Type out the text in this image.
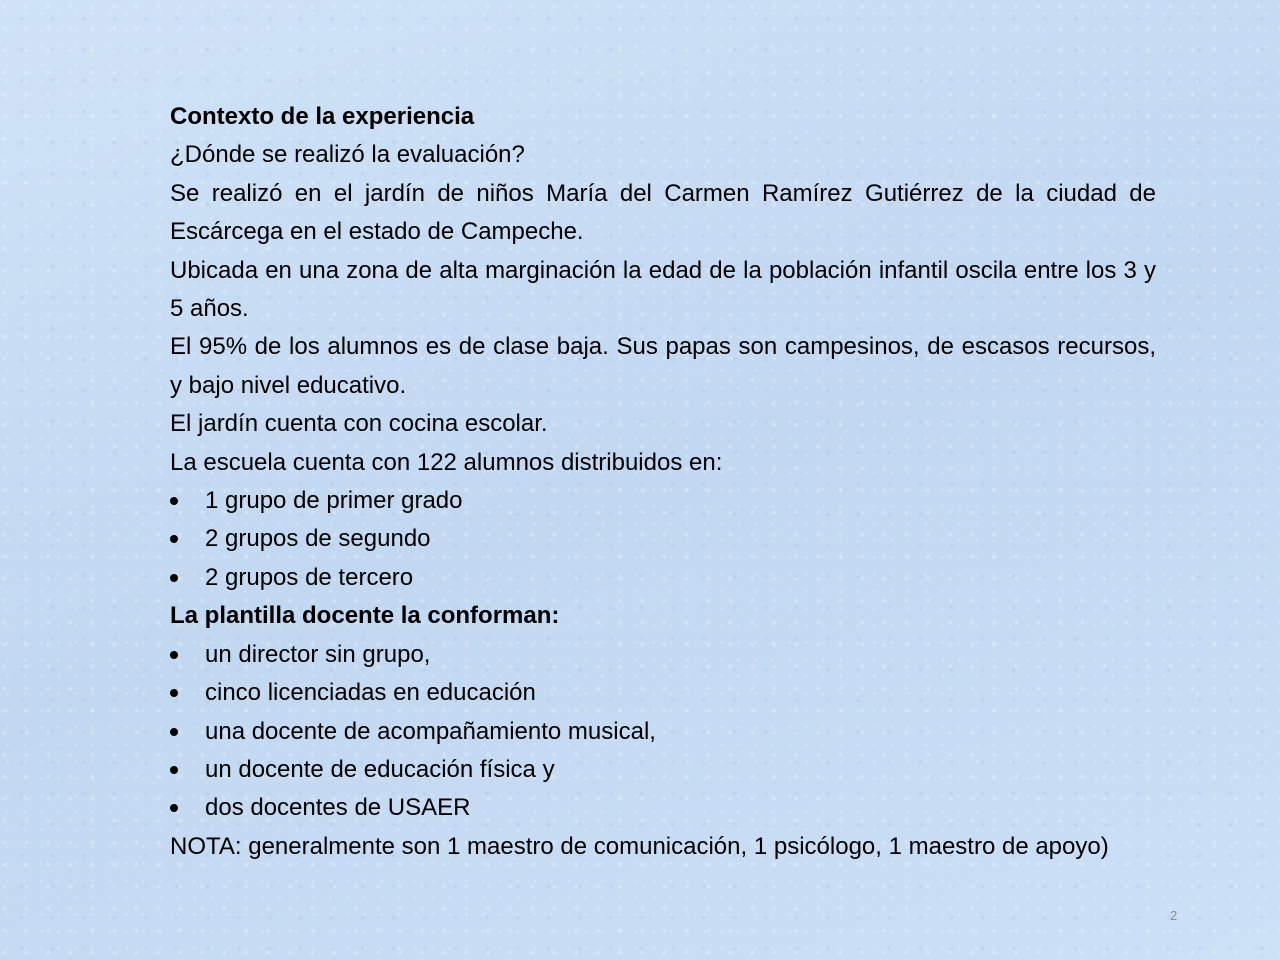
Contexto de la experiencia

¿Dónde se realizó la evaluación?

Se realizó en el jardín de niños María del Carmen Ramírez Gutiérrez de la ciudad de Escárcega en el estado de Campeche.

Ubicada en una zona de alta marginación la edad de la población infantil oscila entre los 3 y 5 años.

El 95% de los alumnos es de clase baja. Sus papas son campesinos, de escasos recursos, y bajo nivel educativo.

El jardín cuenta con cocina escolar.

La escuela cuenta con 122 alumnos distribuidos en:

1 grupo de primer grado

2 grupos de segundo

2 grupos de tercero

La plantilla docente la conforman:

un director sin grupo,

cinco licenciadas en educación

una docente de acompañamiento musical,

un docente de educación física y

dos docentes de USAER

NOTA: generalmente son 1 maestro de comunicación, 1 psicólogo, 1 maestro de apoyo)

2
